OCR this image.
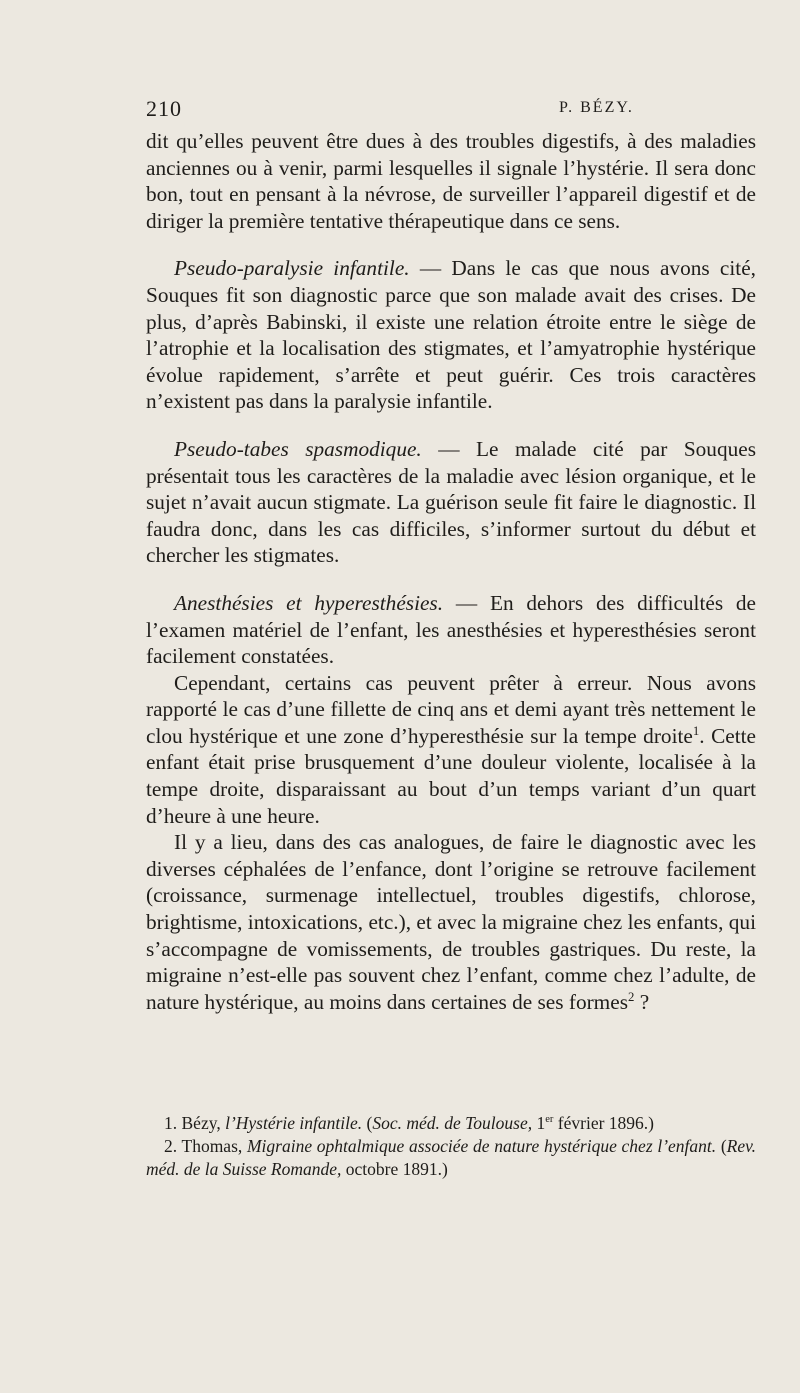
210	P. BÉZY.

dit qu’elles peuvent être dues à des troubles digestifs, à des maladies anciennes ou à venir, parmi lesquelles il signale l’hystérie. Il sera donc bon, tout en pensant à la névrose, de surveiller l’appareil digestif et de diriger la première tentative thérapeutique dans ce sens.

Pseudo-paralysie infantile. — Dans le cas que nous avons cité, Souques fit son diagnostic parce que son malade avait des crises. De plus, d’après Babinski, il existe une relation étroite entre le siège de l’atrophie et la localisation des stigmates, et l’amyatrophie hystérique évolue rapidement, s’arrête et peut guérir. Ces trois caractères n’existent pas dans la paralysie infantile.

Pseudo-tabes spasmodique. — Le malade cité par Souques présentait tous les caractères de la maladie avec lésion organique, et le sujet n’avait aucun stigmate. La guérison seule fit faire le diagnostic. Il faudra donc, dans les cas difficiles, s’informer surtout du début et chercher les stigmates.

Anesthésies et hyperesthésies. — En dehors des difficultés de l’examen matériel de l’enfant, les anesthésies et hyperesthésies seront facilement constatées.

Cependant, certains cas peuvent prêter à erreur. Nous avons rapporté le cas d’une fillette de cinq ans et demi ayant très nettement le clou hystérique et une zone d’hyperesthésie sur la tempe droite$^1$. Cette enfant était prise brusquement d’une douleur violente, localisée à la tempe droite, disparaissant au bout d’un temps variant d’un quart d’heure à une heure.

Il y a lieu, dans des cas analogues, de faire le diagnostic avec les diverses céphalées de l’enfance, dont l’origine se retrouve facilement (croissance, surmenage intellectuel, troubles digestifs, chlorose, brightisme, intoxications, etc.), et avec la migraine chez les enfants, qui s’accompagne de vomissements, de troubles gastriques. Du reste, la migraine n’est-elle pas souvent chez l’enfant, comme chez l’adulte, de nature hystérique, au moins dans certaines de ses formes$^2$ ?

1. Bézy, l’Hystérie infantile. (Soc. méd. de Toulouse, 1er février 1896.)

2. Thomas, Migraine ophtalmique associée de nature hystérique chez l’enfant. (Rev. méd. de la Suisse Romande, octobre 1891.)
